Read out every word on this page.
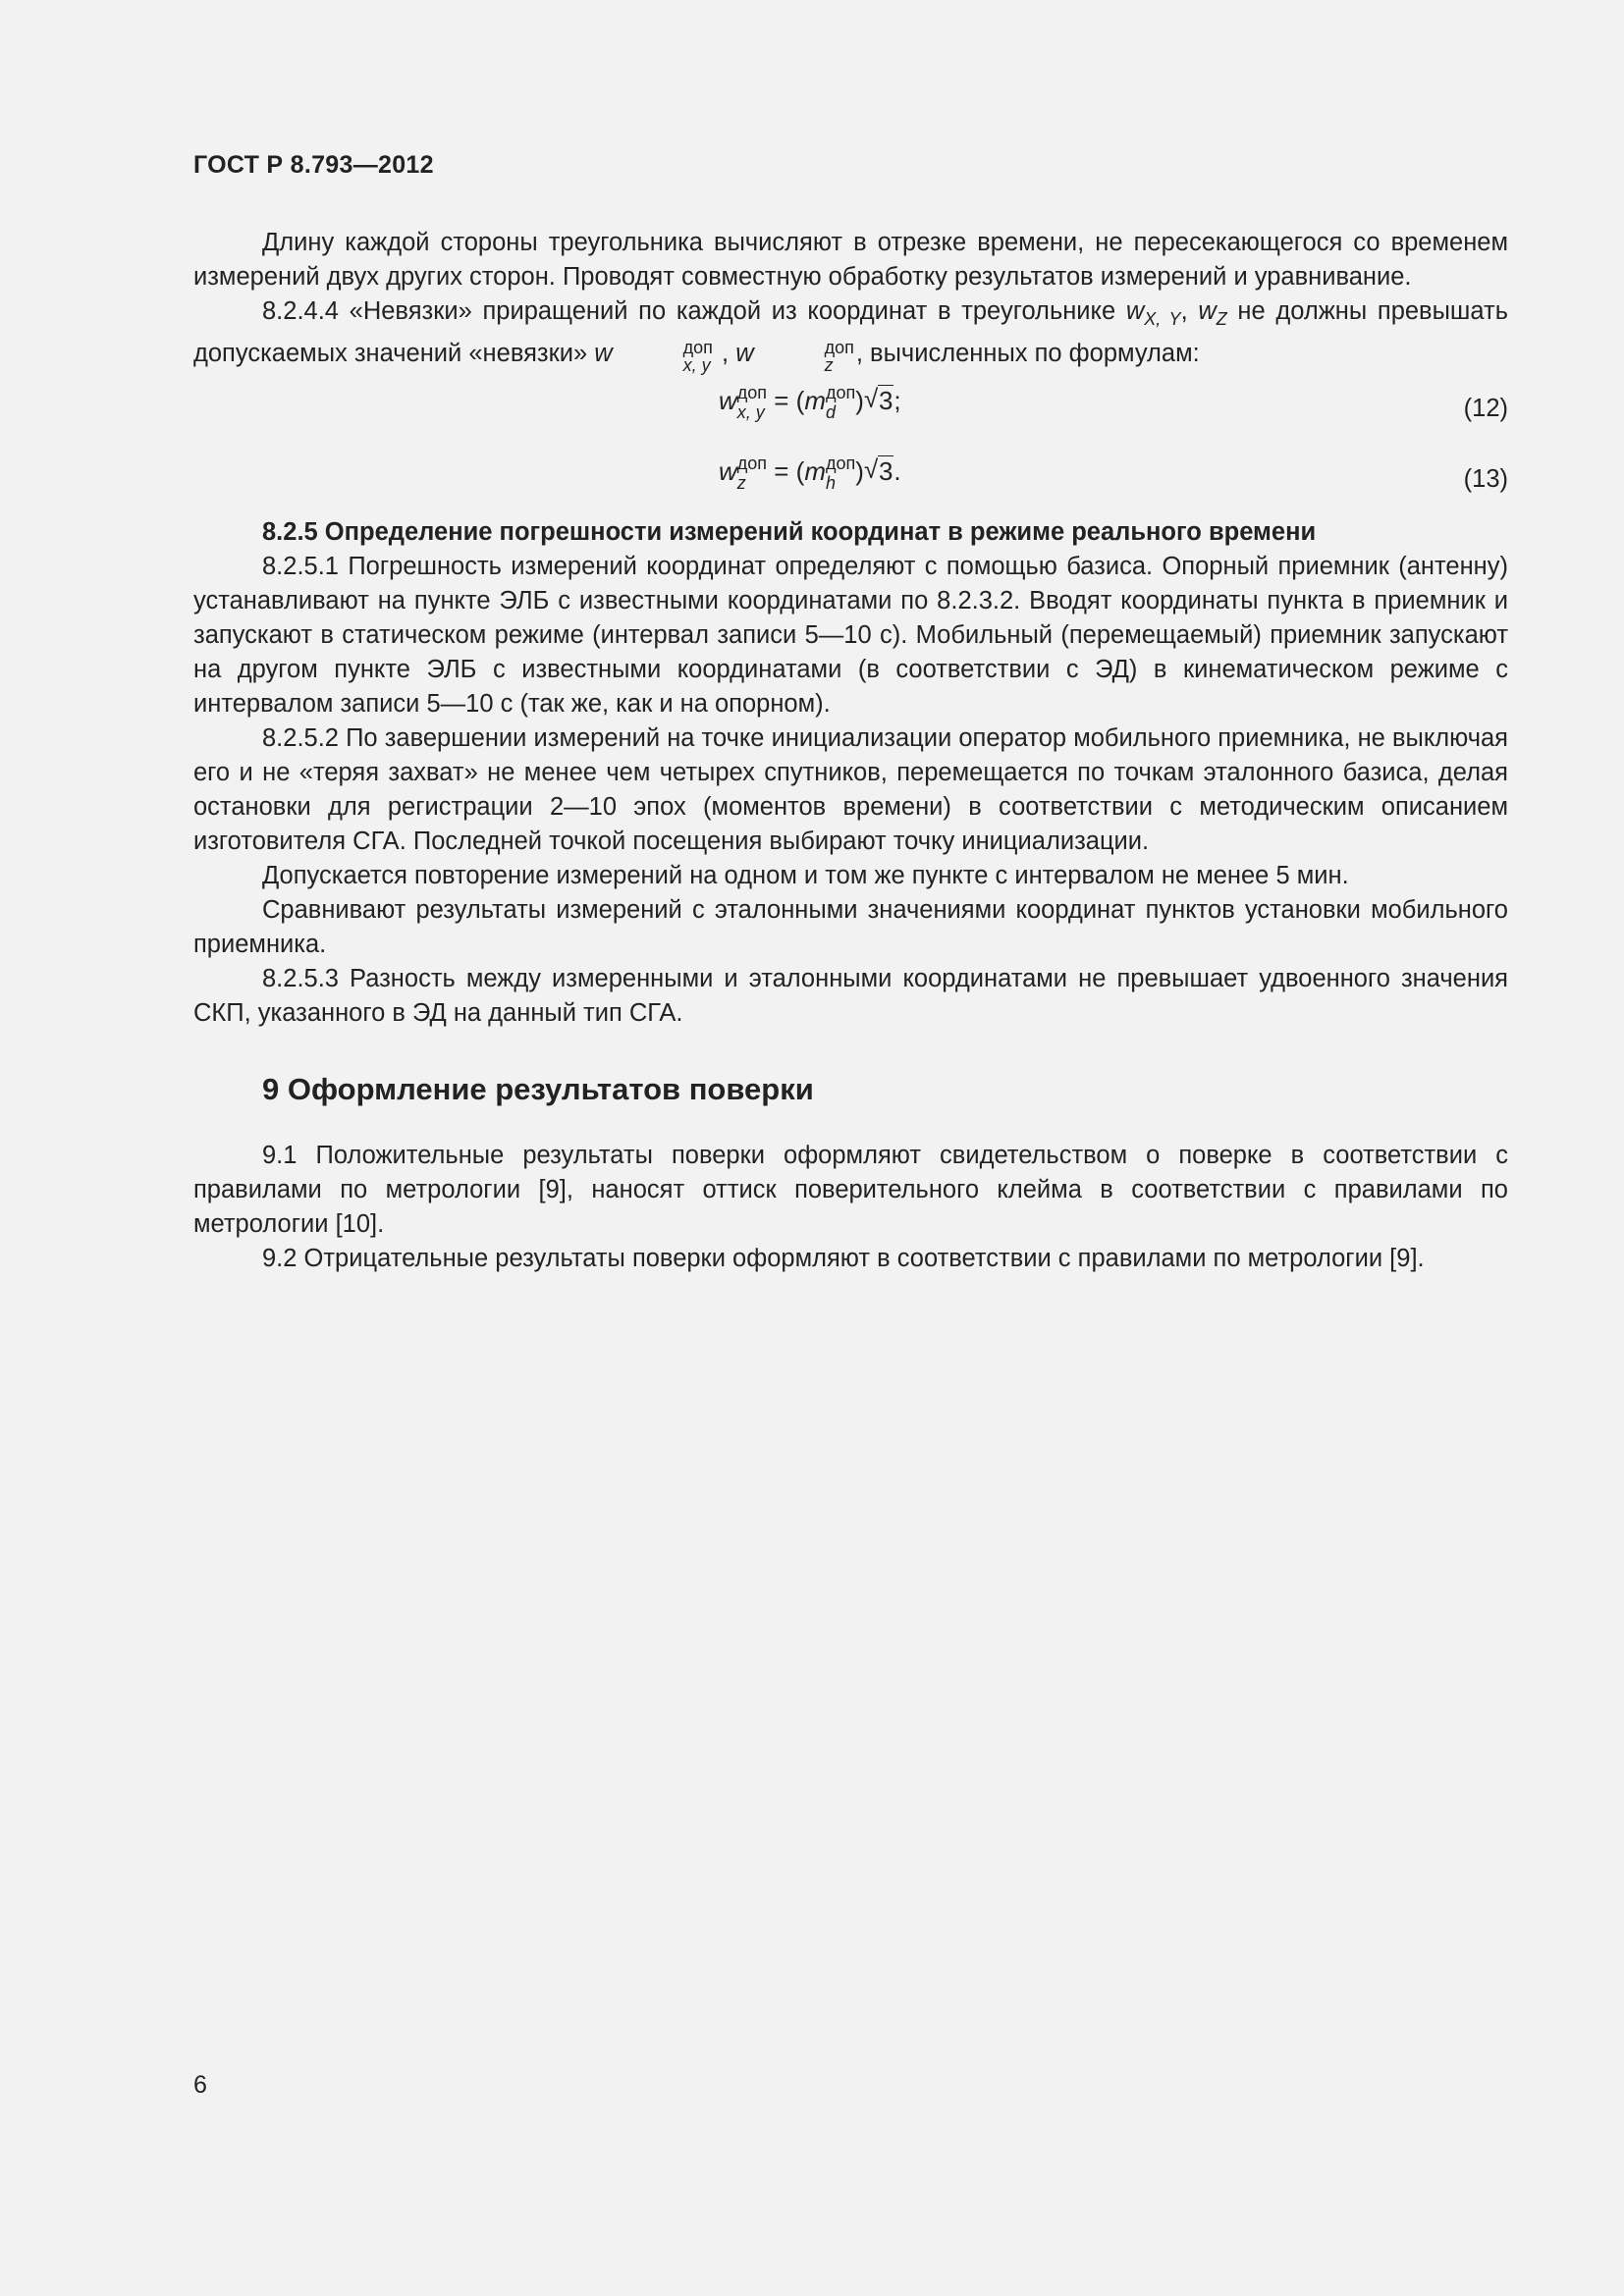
ГОСТ Р 8.793—2012

Длину каждой стороны треугольника вычисляют в отрезке времени, не пересекающегося со временем измерений двух других сторон. Проводят совместную обработку результатов измерений и уравнивание.

8.2.4.4 «Невязки» приращений по каждой из координат в треугольнике $w_{X, Y}$, $w_Z$ не должны превышать допускаемых значений «невязки» w	доп
x, y , w	доп
z , вычисленных по формулам:

w доп
x, y = (m доп
d ) √ 3;	(12)
w доп
z = (m доп
h ) √ 3.	(13)

8.2.5 Определение погрешности измерений координат в режиме реального времени

8.2.5.1 Погрешность измерений координат определяют с помощью базиса. Опорный приемник (антенну) устанавливают на пункте ЭЛБ с известными координатами по 8.2.3.2. Вводят координаты пункта в приемник и запускают в статическом режиме (интервал записи 5—10 с). Мобильный (перемещаемый) приемник запускают на другом пункте ЭЛБ с известными координатами (в соответствии с ЭД) в кинематическом режиме с интервалом записи 5—10 с (так же, как и на опорном).

8.2.5.2 По завершении измерений на точке инициализации оператор мобильного приемника, не выключая его и не «теряя захват» не менее чем четырех спутников, перемещается по точкам эталонного базиса, делая остановки для регистрации 2—10 эпох (моментов времени) в соответствии с методическим описанием изготовителя СГА. Последней точкой посещения выбирают точку инициализации.

Допускается повторение измерений на одном и том же пункте с интервалом не менее 5 мин.

Сравнивают результаты измерений с эталонными значениями координат пунктов установки мобильного приемника.

8.2.5.3 Разность между измеренными и эталонными координатами не превышает удвоенного значения СКП, указанного в ЭД на данный тип СГА.

9 Оформление результатов поверки

9.1 Положительные результаты поверки оформляют свидетельством о поверке в соответствии с правилами по метрологии [9], наносят оттиск поверительного клейма в соответствии с правилами по метрологии [10].

9.2 Отрицательные результаты поверки оформляют в соответствии с правилами по метрологии [9].

6
